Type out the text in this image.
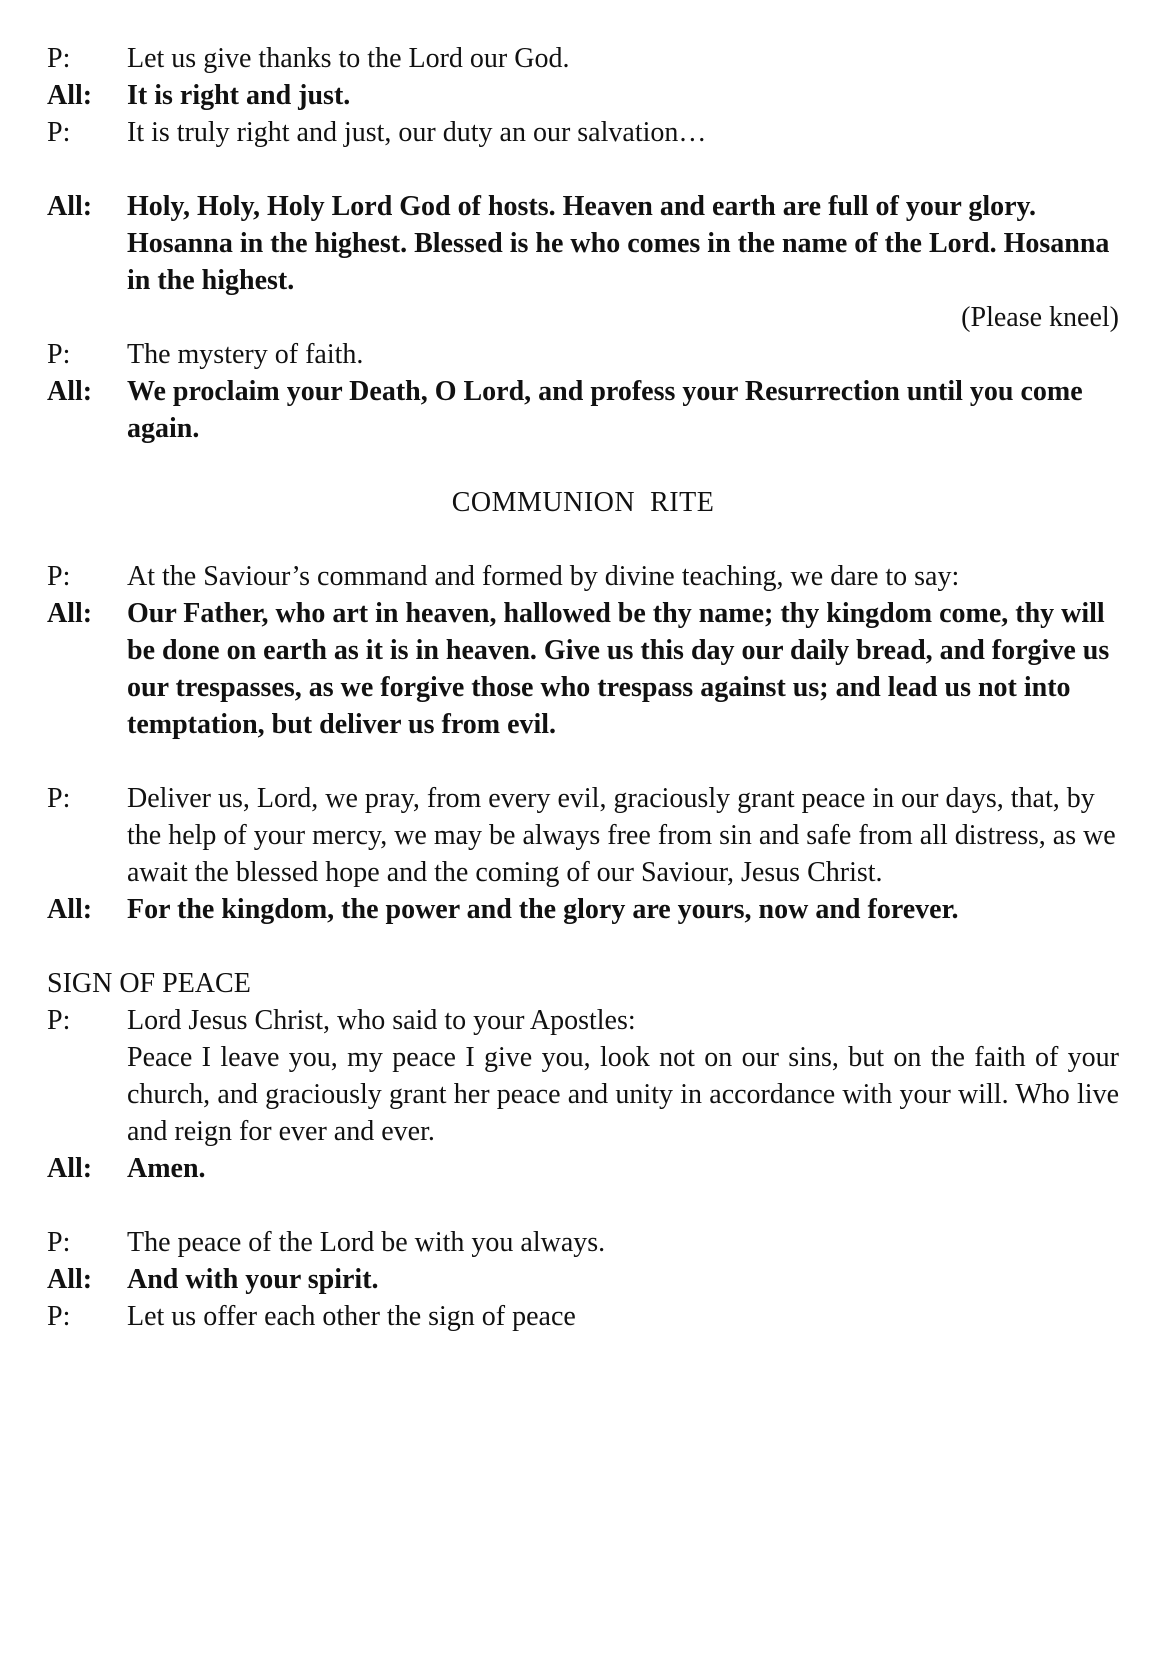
P:	Let us give thanks to the Lord our God.
All:	It is right and just.
P:	It is truly right and just, our duty an our salvation…
All:	Holy, Holy, Holy Lord God of hosts. Heaven and earth are full of your glory. Hosanna in the highest. Blessed is he who comes in the name of the Lord. Hosanna in the highest.
(Please kneel)
P:	The mystery of faith.
All:	We proclaim your Death, O Lord, and profess your Resurrection until you come again.
COMMUNION  RITE
P:	At the Saviour’s command and formed by divine teaching, we dare to say:
All:	Our Father, who art in heaven, hallowed be thy name; thy kingdom come, thy will be done on earth as it is in heaven. Give us this day our daily bread, and forgive us our trespasses, as we forgive those who trespass against us; and lead us not into temptation, but deliver us from evil.
P:	Deliver us, Lord, we pray, from every evil, graciously grant peace in our days, that, by the help of your mercy, we may be always free from sin and safe from all distress, as we await the blessed hope and the coming of our Saviour, Jesus Christ.
All:	For the kingdom, the power and the glory are yours, now and forever.
SIGN OF PEACE
P:	Lord Jesus Christ, who said to your Apostles:
Peace I leave you, my peace I give you, look not on our sins, but on the faith of your church, and graciously grant her peace and unity in accordance with your will. Who live and reign for ever and ever.
All:	Amen.
P:	The peace of the Lord be with you always.
All:	And with your spirit.
P:	Let us offer each other the sign of peace
